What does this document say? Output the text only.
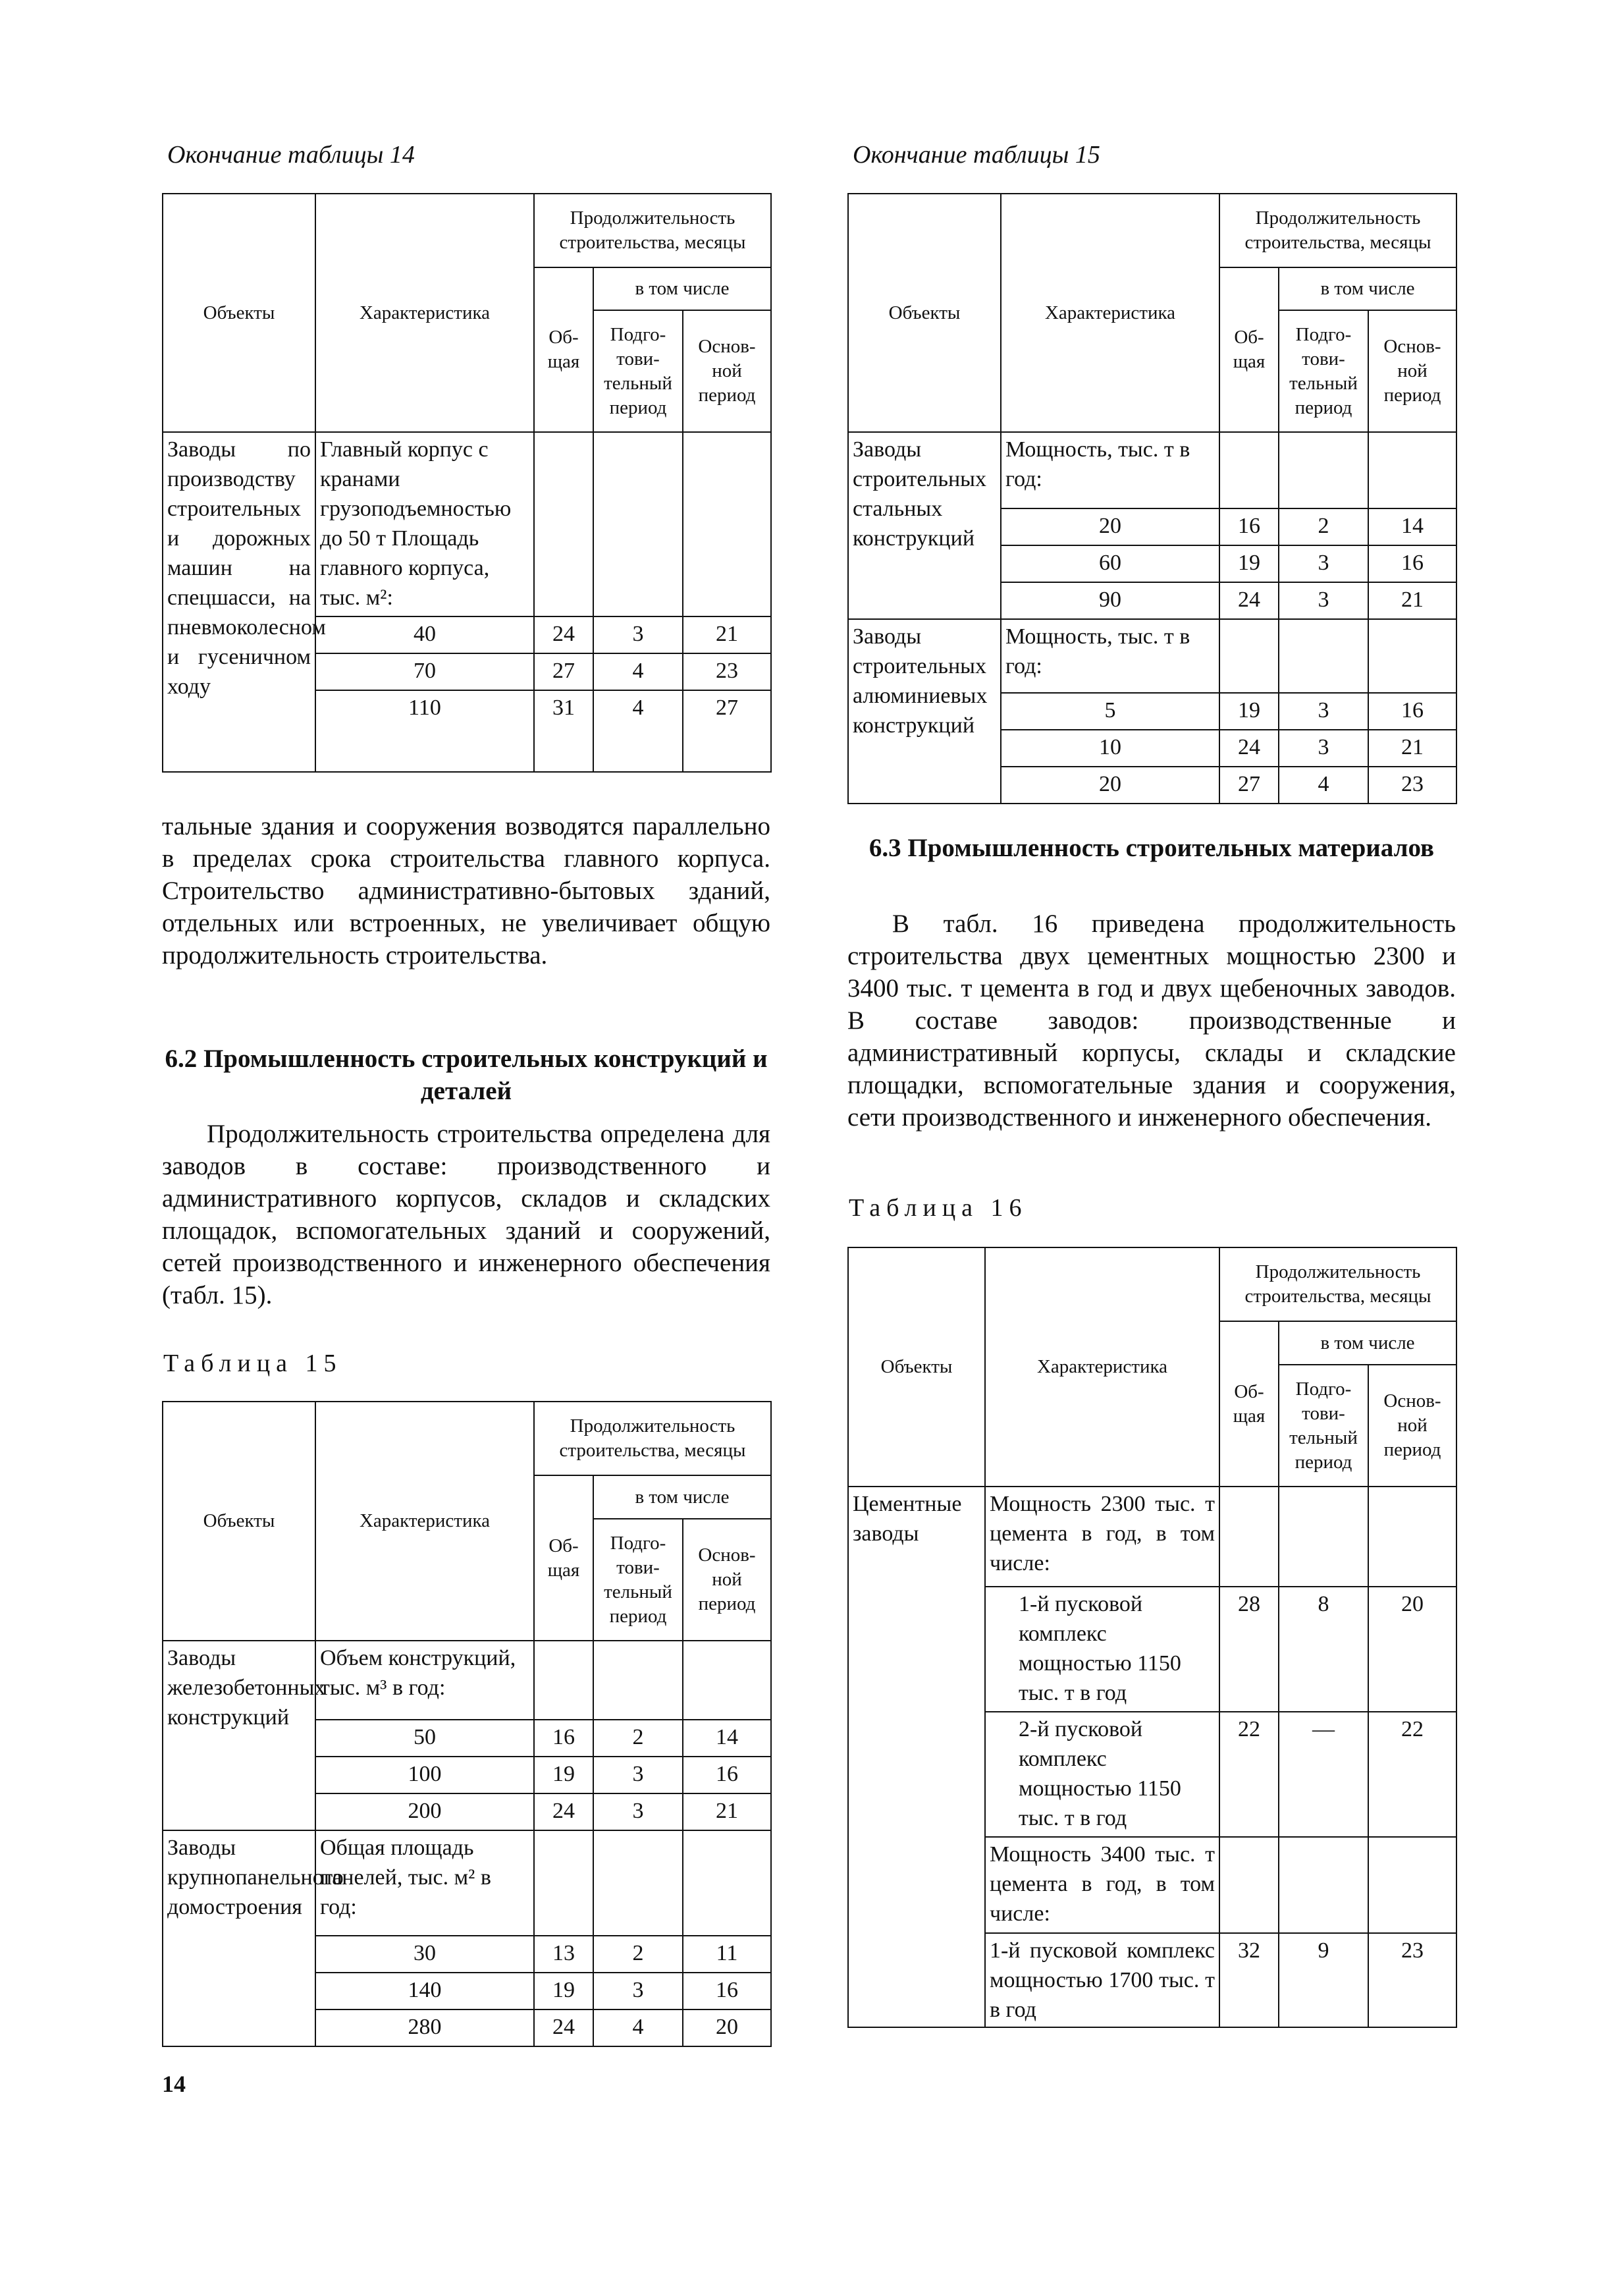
Окончание таблицы 14
Объекты	Характеристика	Продолжительность строительства, месяцы		
		Об-щая	в том числе	
			Подго-тови-тельный период	Основ-ной период
Заводы по производству строительных и дорожных машин на спецшасси, на пневмоколесном и гусеничном ходу	Главный корпус с кранами грузоподъемностью до 50 т Площадь главного корпуса, тыс. м²:			
	40	24	3	21
	70	27	4	23
	110	31	4	27

тальные здания и сооружения возводятся параллельно в пределах срока строительства главного корпуса. Строительство административно-бытовых зданий, отдельных или встроенных, не увеличивает общую продолжительность строительства.

6.2 Промышленность строительных конструкций и деталей

Продолжительность строительства определена для заводов в составе: производственного и административного корпусов, складов и складских площадок, вспомогательных зданий и сооружений, сетей производственного и инженерного обеспечения (табл. 15).

Таблица 15
Объекты	Характеристика	Продолжительность строительства, месяцы		
		Об-щая	в том числе	
			Подго-тови-тельный период	Основ-ной период
Заводы железобетонных конструкций	Объем конструкций, тыс. м³ в год:			
	50	16	2	14
	100	19	3	16
	200	24	3	21
Заводы крупнопанельного домостроения	Общая площадь панелей, тыс. м² в год:			
	30	13	2	11
	140	19	3	16
	280	24	4	20
14
Окончание таблицы 15
Объекты	Характеристика	Продолжительность строительства, месяцы		
		Об-щая	в том числе	
			Подго-тови-тельный период	Основ-ной период
Заводы строительных стальных конструкций	Мощность, тыс. т в год:			
	20	16	2	14
	60	19	3	16
	90	24	3	21
Заводы строительных алюминиевых конструкций	Мощность, тыс. т в год:			
	5	19	3	16
	10	24	3	21
	20	27	4	23
6.3 Промышленность строительных материалов

В табл. 16 приведена продолжительность строительства двух цементных мощностью 2300 и 3400 тыс. т цемента в год и двух щебеночных заводов. В составе заводов: производственные и административный корпусы, склады и складские площадки, вспомогательные здания и сооружения, сети производственного и инженерного обеспечения.

Таблица 16
Объекты	Характеристика	Продолжительность строительства, месяцы		
		Об-щая	в том числе	
			Подго-тови-тельный период	Основ-ной период
Цементные заводы	Мощность 2300 тыс. т цемента в год, в том числе:			
	1-й пусковой комплекс мощностью 1150 тыс. т в год	28	8	20
	2-й пусковой комплекс мощностью 1150 тыс. т в год	22	—	22
	Мощность 3400 тыс. т цемента в год, в том числе:			
	1-й пусковой комплекс мощностью 1700 тыс. т в год	32	9	23
